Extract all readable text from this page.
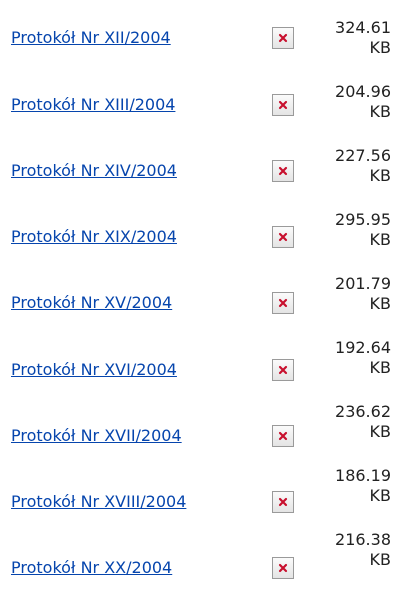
Protokół Nr XII/2004
324.61
KB
Protokół Nr XIII/2004
204.96
KB
Protokół Nr XIV/2004
227.56
KB
Protokół Nr XIX/2004
295.95
KB
Protokół Nr XV/2004
201.79
KB
Protokół Nr XVI/2004
192.64
KB
Protokół Nr XVII/2004
236.62
KB
Protokół Nr XVIII/2004
186.19
KB
Protokół Nr XX/2004
216.38
KB
